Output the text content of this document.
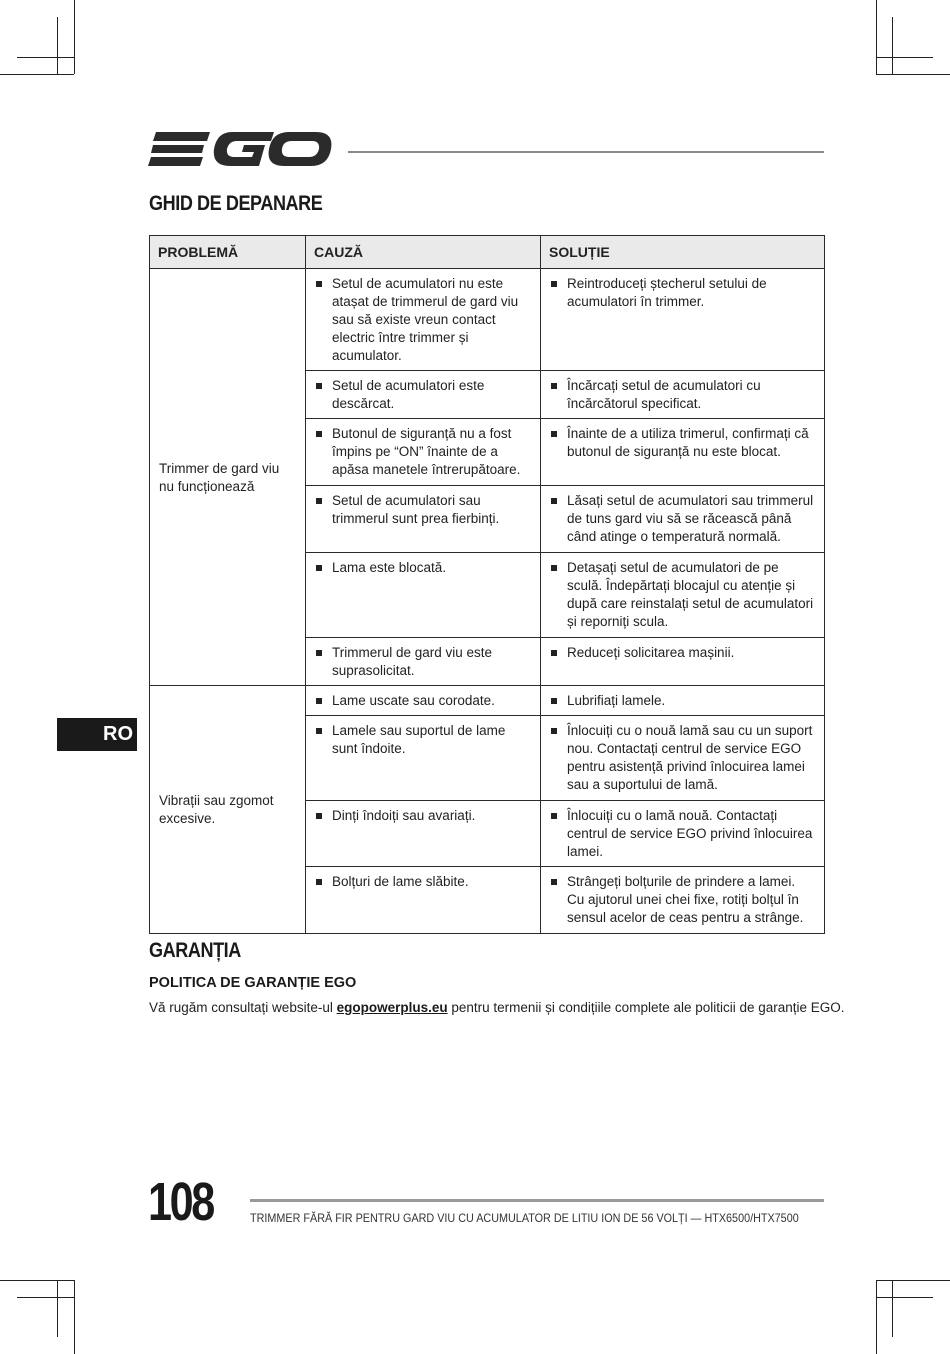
GHID DE DEPANARE
PROBLEMĂ	CAUZĂ	SOLUȚIE
Trimmer de gard viu nu funcționează	Setul de acumulatori nu este atașat de trimmerul de gard viu sau să existe vreun contact electric între trimmer și acumulator.	Reintroduceți ștecherul setului de acumulatori în trimmer.

	Setul de acumulatori este descărcat.	Încărcați setul de acumulatori cu încărcătorul specificat.

	Butonul de siguranță nu a fost împins pe “ON” înainte de a apăsa manetele întrerupătoare.	Înainte de a utiliza trimerul, confirmați că butonul de siguranță nu este blocat.

	Setul de acumulatori sau trimmerul sunt prea fierbinți.	Lăsați setul de acumulatori sau trimmerul de tuns gard viu să se răcească până când atinge o temperatură normală.

	Lama este blocată.	Detașați setul de acumulatori de pe sculă. Îndepărtați blocajul cu atenție și după care reinstalați setul de acumulatori și reporniți scula.

	Trimmerul de gard viu este suprasolicitat.	Reduceți solicitarea mașinii.

Vibrații sau zgomot excesive.	Lame uscate sau corodate.	Lubrifiați lamele.

	Lamele sau suportul de lame sunt îndoite.	Înlocuiți cu o nouă lamă sau cu un suport nou. Contactați centrul de service EGO pentru asistență privind înlocuirea lamei sau a suportului de lamă.

	Dinți îndoiți sau avariați.	Înlocuiți cu o lamă nouă. Contactați centrul de service EGO privind înlocuirea lamei.

	Bolțuri de lame slăbite.	Strângeți bolțurile de prindere a lamei. Cu ajutorul unei chei fixe, rotiți bolțul în sensul acelor de ceas pentru a strânge.
RO
GARANȚIA
POLITICA DE GARANȚIE EGO

Vă rugăm consultați website-ul egopowerplus.eu pentru termenii și condițiile complete ale politicii de garanție EGO.

108	TRIMMER FĂRĂ FIR PENTRU GARD VIU CU ACUMULATOR DE LITIU ION DE 56 VOLȚI — HTX6500/HTX7500
